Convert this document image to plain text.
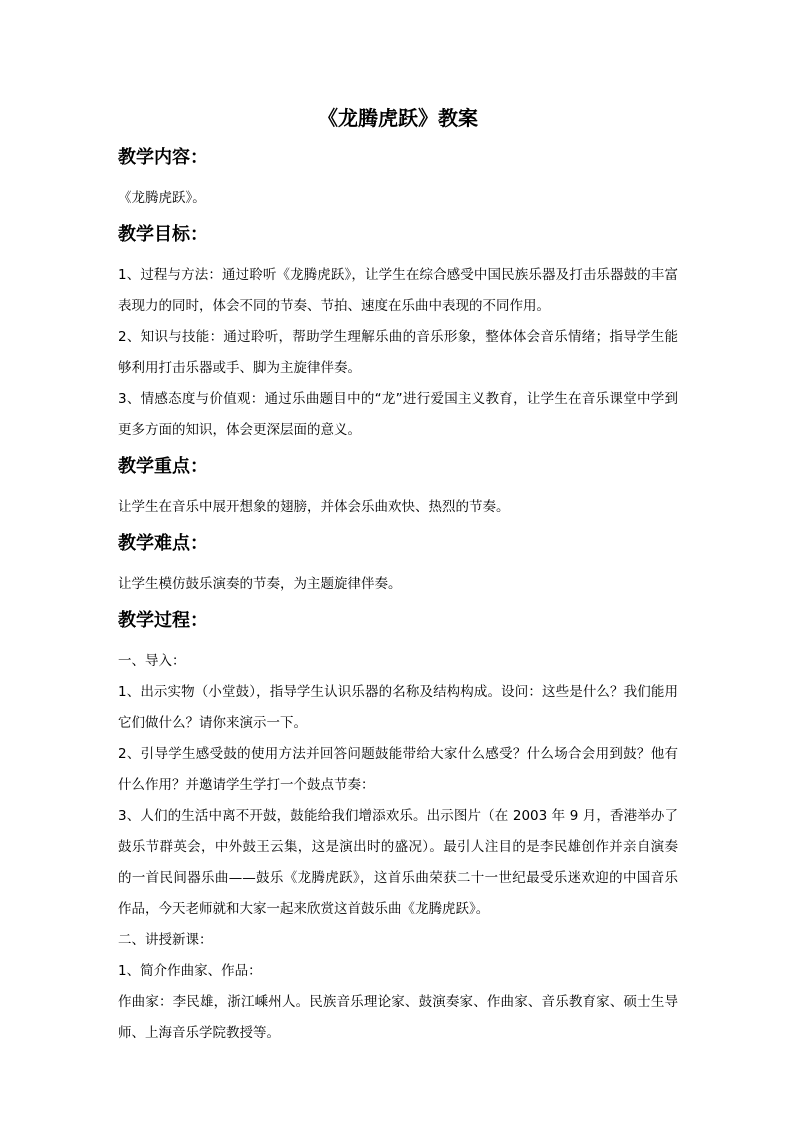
《龙腾虎跃》教案
教学内容：

《龙腾虎跃》。

教学目标：

1、过程与方法：通过聆听《龙腾虎跃》，让学生在综合感受中国民族乐器及打击乐器鼓的丰富表现力的同时，体会不同的节奏、节拍、速度在乐曲中表现的不同作用。

2、知识与技能：通过聆听，帮助学生理解乐曲的音乐形象，整体体会音乐情绪；指导学生能够利用打击乐器或手、脚为主旋律伴奏。

3、情感态度与价值观：通过乐曲题目中的“龙”进行爱国主义教育，让学生在音乐课堂中学到更多方面的知识，体会更深层面的意义。

教学重点：

让学生在音乐中展开想象的翅膀，并体会乐曲欢快、热烈的节奏。

教学难点：

让学生模仿鼓乐演奏的节奏，为主题旋律伴奏。

教学过程：

一、导入：

1、出示实物（小堂鼓），指导学生认识乐器的名称及结构构成。设问：这些是什么？我们能用它们做什么？请你来演示一下。

2、引导学生感受鼓的使用方法并回答问题鼓能带给大家什么感受？什么场合会用到鼓？他有什么作用？并邀请学生学打一个鼓点节奏：

3、人们的生活中离不开鼓，鼓能给我们增添欢乐。出示图片（在 2003 年 9 月，香港举办了鼓乐节群英会，中外鼓王云集，这是演出时的盛况）。最引人注目的是李民雄创作并亲自演奏的一首民间器乐曲——鼓乐《龙腾虎跃》，这首乐曲荣获二十一世纪最受乐迷欢迎的中国音乐作品，今天老师就和大家一起来欣赏这首鼓乐曲《龙腾虎跃》。

二、讲授新课：

1、简介作曲家、作品：

作曲家：李民雄，浙江嵊州人。民族音乐理论家、鼓演奏家、作曲家、音乐教育家、硕士生导师、上海音乐学院教授等。
